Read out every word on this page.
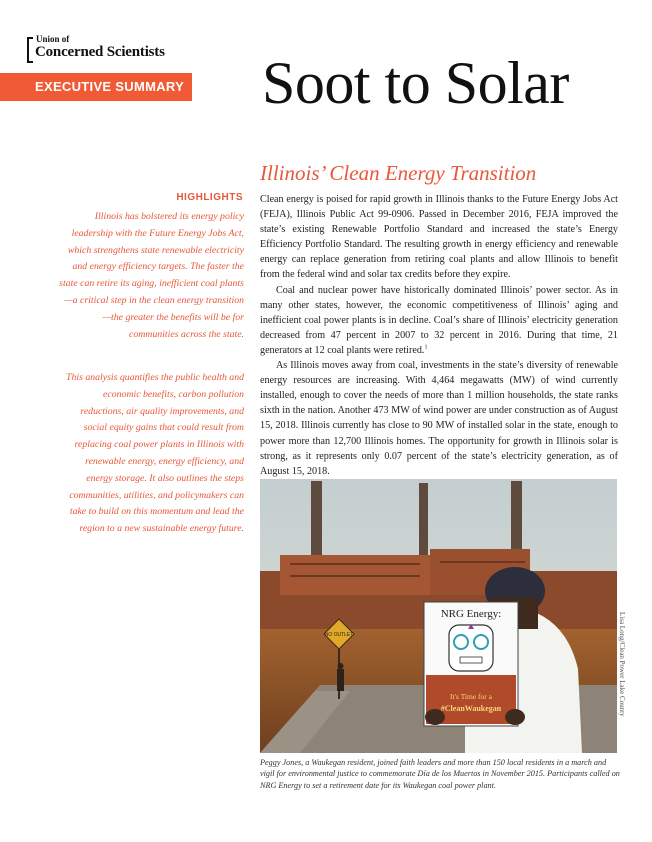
Union of
Concerned Scientists
EXECUTIVE SUMMARY Soot to Solar
Illinois’ Clean Energy Transition
HIGHLIGHTS
Illinois has bolstered its energy policy leadership with the Future Energy Jobs Act, which strengthens state renewable electricity and energy efficiency targets. The faster the state can retire its aging, inefficient coal plants—a critical step in the clean energy transition—the greater the benefits will be for communities across the state.
This analysis quantifies the public health and economic benefits, carbon pollution reductions, air quality improvements, and social equity gains that could result from replacing coal power plants in Illinois with renewable energy, energy efficiency, and energy storage. It also outlines the steps communities, utilities, and policymakers can take to build on this momentum and lead the region to a new sustainable energy future.

Clean energy is poised for rapid growth in Illinois thanks to the Future Energy Jobs Act (FEJA), Illinois Public Act 99-0906. Passed in December 2016, FEJA improved the state’s existing Renewable Portfolio Standard and increased the state’s Energy Efficiency Portfolio Standard. The resulting growth in energy efficiency and renewable energy can replace generation from retiring coal plants and allow Illinois to benefit from the federal wind and solar tax credits before they expire.

Coal and nuclear power have historically dominated Illinois’ power sector. As in many other states, however, the economic competitiveness of Illinois’ aging and inefficient coal power plants is in decline. Coal’s share of Illinois’ electricity generation decreased from 47 percent in 2007 to 32 percent in 2016. During that time, 21 generators at 12 coal plants were retired.$^1$

As Illinois moves away from coal, investments in the state’s diversity of renewable energy resources are increasing. With 4,464 megawatts (MW) of wind currently installed, enough to cover the needs of more than 1 million households, the state ranks sixth in the nation. Another 473 MW of wind power are under construction as of August 15, 2018. Illinois currently has close to 90 MW of installed solar in the state, enough to power more than 12,700 Illinois homes. The opportunity for growth in Illinois solar is strong, as it represents only 0.07 percent of the state’s electricity generation, as of August 15, 2018.

NO OUTLET
NRG Energy:
It's Time for a
#CleanWaukegan	Lisa Long/Clean Power Lake County
Peggy Jones, a Waukegan resident, joined faith leaders and more than 150 local residents in a march and vigil for environmental justice to commemorate Día de los Muertos in November 2015. Participants called on NRG Energy to set a retirement date for its Waukegan coal power plant.
